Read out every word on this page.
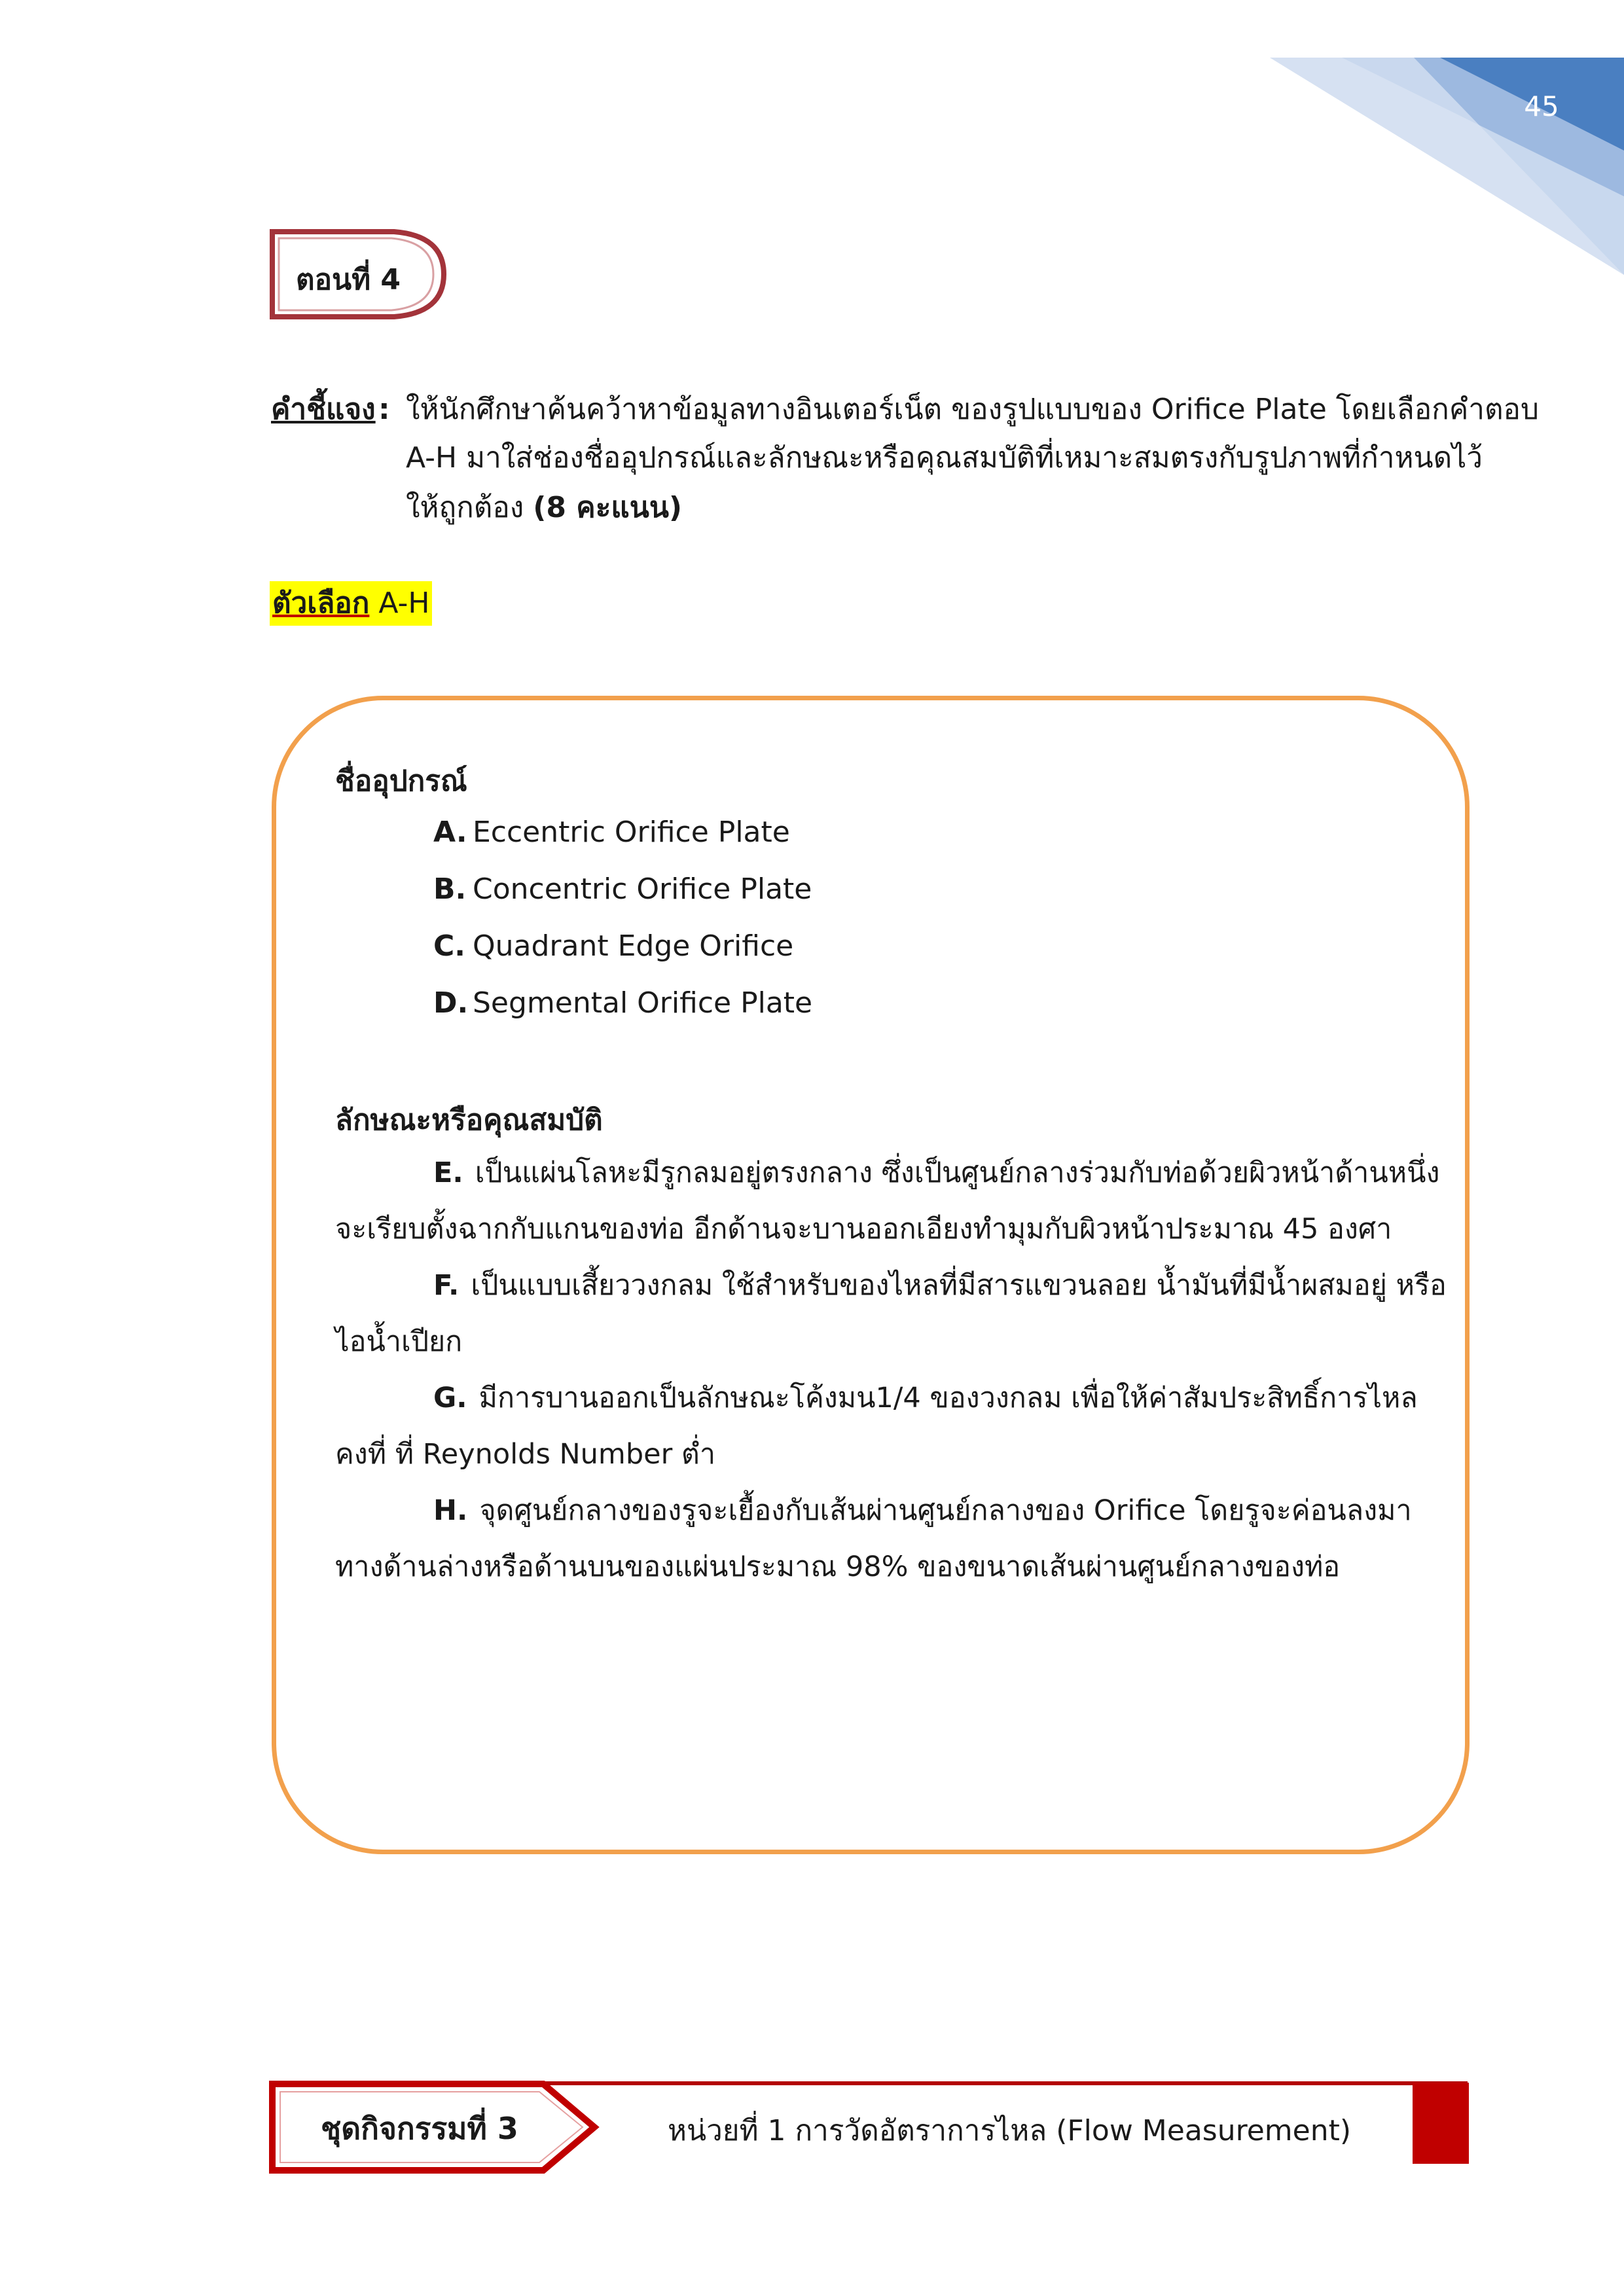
45
ตอนที่ 4
คำชี้แจง : ให้นักศึกษาค้นคว้าหาข้อมูลทางอินเตอร์เน็ต ของรูปแบบของ Orifice Plate โดยเลือกคำตอบ
A-H มาใส่ช่องชื่ออุปกรณ์และลักษณะหรือคุณสมบัติที่เหมาะสมตรงกับรูปภาพที่กำหนดไว้
ให้ถูกต้อง (8 คะแนน)
ตัวเลือก A-H
ชื่ออุปกรณ์
A. Eccentric Orifice Plate
B. Concentric Orifice Plate
C. Quadrant Edge Orifice
D. Segmental Orifice Plate
ลักษณะหรือคุณสมบัติ
E. เป็นแผ่นโลหะมีรูกลมอยู่ตรงกลาง ซึ่งเป็นศูนย์กลางร่วมกับท่อด้วยผิวหน้าด้านหนึ่ง
จะเรียบตั้งฉากกับแกนของท่อ อีกด้านจะบานออกเอียงทำมุมกับผิวหน้าประมาณ 45 องศา
F. เป็นแบบเสี้ยววงกลม ใช้สำหรับของไหลที่มีสารแขวนลอย น้ำมันที่มีน้ำผสมอยู่ หรือ
ไอน้ำเปียก
G. มีการบานออกเป็นลักษณะโค้งมน1/4 ของวงกลม เพื่อให้ค่าสัมประสิทธิ์การไหล
คงที่ ที่ Reynolds Number ต่ำ
H. จุดศูนย์กลางของรูจะเยื้องกับเส้นผ่านศูนย์กลางของ Orifice โดยรูจะค่อนลงมา
ทางด้านล่างหรือด้านบนของแผ่นประมาณ 98% ของขนาดเส้นผ่านศูนย์กลางของท่อ
ชุดกิจกรรมที่ 3	หน่วยที่ 1 การวัดอัตราการไหล (Flow Measurement)
